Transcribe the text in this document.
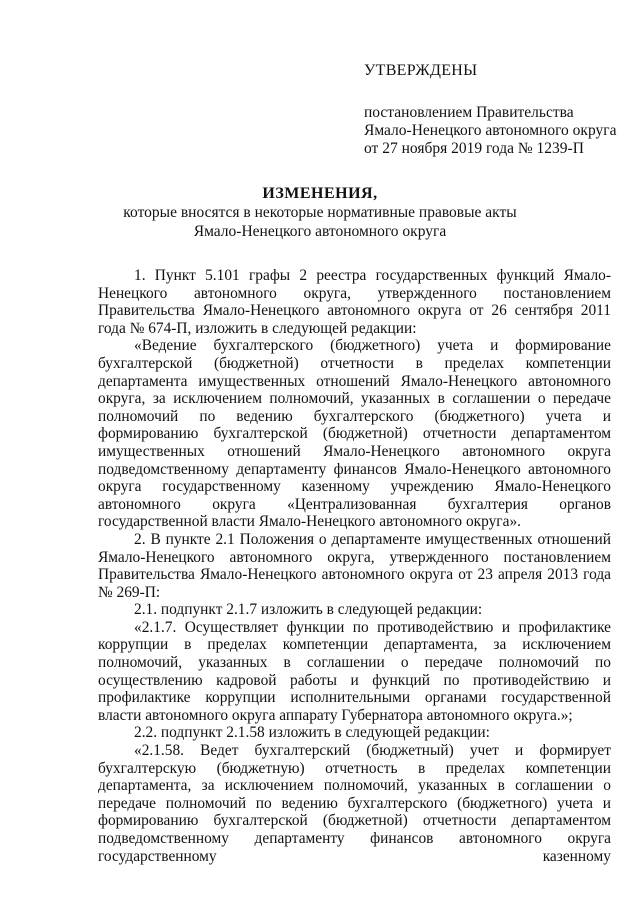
УТВЕРЖДЕНЫ
постановлением Правительства
Ямало-Ненецкого автономного округа
от 27 ноября 2019 года № 1239-П

ИЗМЕНЕНИЯ,

которые вносятся в некоторые нормативные правовые акты
Ямало-Ненецкого автономного округа

1. Пункт 5.101 графы 2 реестра государственных функций Ямало-Ненецкого автономного округа, утвержденного постановлением Правительства Ямало-Ненецкого автономного округа от 26 сентября 2011 года № 674-П, изложить в следующей редакции:

«Ведение бухгалтерского (бюджетного) учета и формирование бухгалтерской (бюджетной) отчетности в пределах компетенции департамента имущественных отношений Ямало-Ненецкого автономного округа, за исключением полномочий, указанных в соглашении о передаче полномочий по ведению бухгалтерского (бюджетного) учета и формированию бухгалтерской (бюджетной) отчетности департаментом имущественных отношений Ямало-Ненецкого автономного округа подведомственному департаменту финансов Ямало-Ненецкого автономного округа государственному казенному учреждению Ямало-Ненецкого автономного округа «Централизованная бухгалтерия органов государственной власти Ямало-Ненецкого автономного округа».

2. В пункте 2.1 Положения о департаменте имущественных отношений Ямало-Ненецкого автономного округа, утвержденного постановлением Правительства Ямало-Ненецкого автономного округа от 23 апреля 2013 года № 269-П:

2.1. подпункт 2.1.7 изложить в следующей редакции:

«2.1.7. Осуществляет функции по противодействию и профилактике коррупции в пределах компетенции департамента, за исключением полномочий, указанных в соглашении о передаче полномочий по осуществлению кадровой работы и функций по противодействию и профилактике коррупции исполнительными органами государственной власти автономного округа аппарату Губернатора автономного округа.»;

2.2. подпункт 2.1.58 изложить в следующей редакции:

«2.1.58. Ведет бухгалтерский (бюджетный) учет и формирует бухгалтерскую (бюджетную) отчетность в пределах компетенции департамента, за исключением полномочий, указанных в соглашении о передаче полномочий по ведению бухгалтерского (бюджетного) учета и формированию бухгалтерской (бюджетной) отчетности департаментом подведомственному департаменту финансов автономного округа государственному казенному
